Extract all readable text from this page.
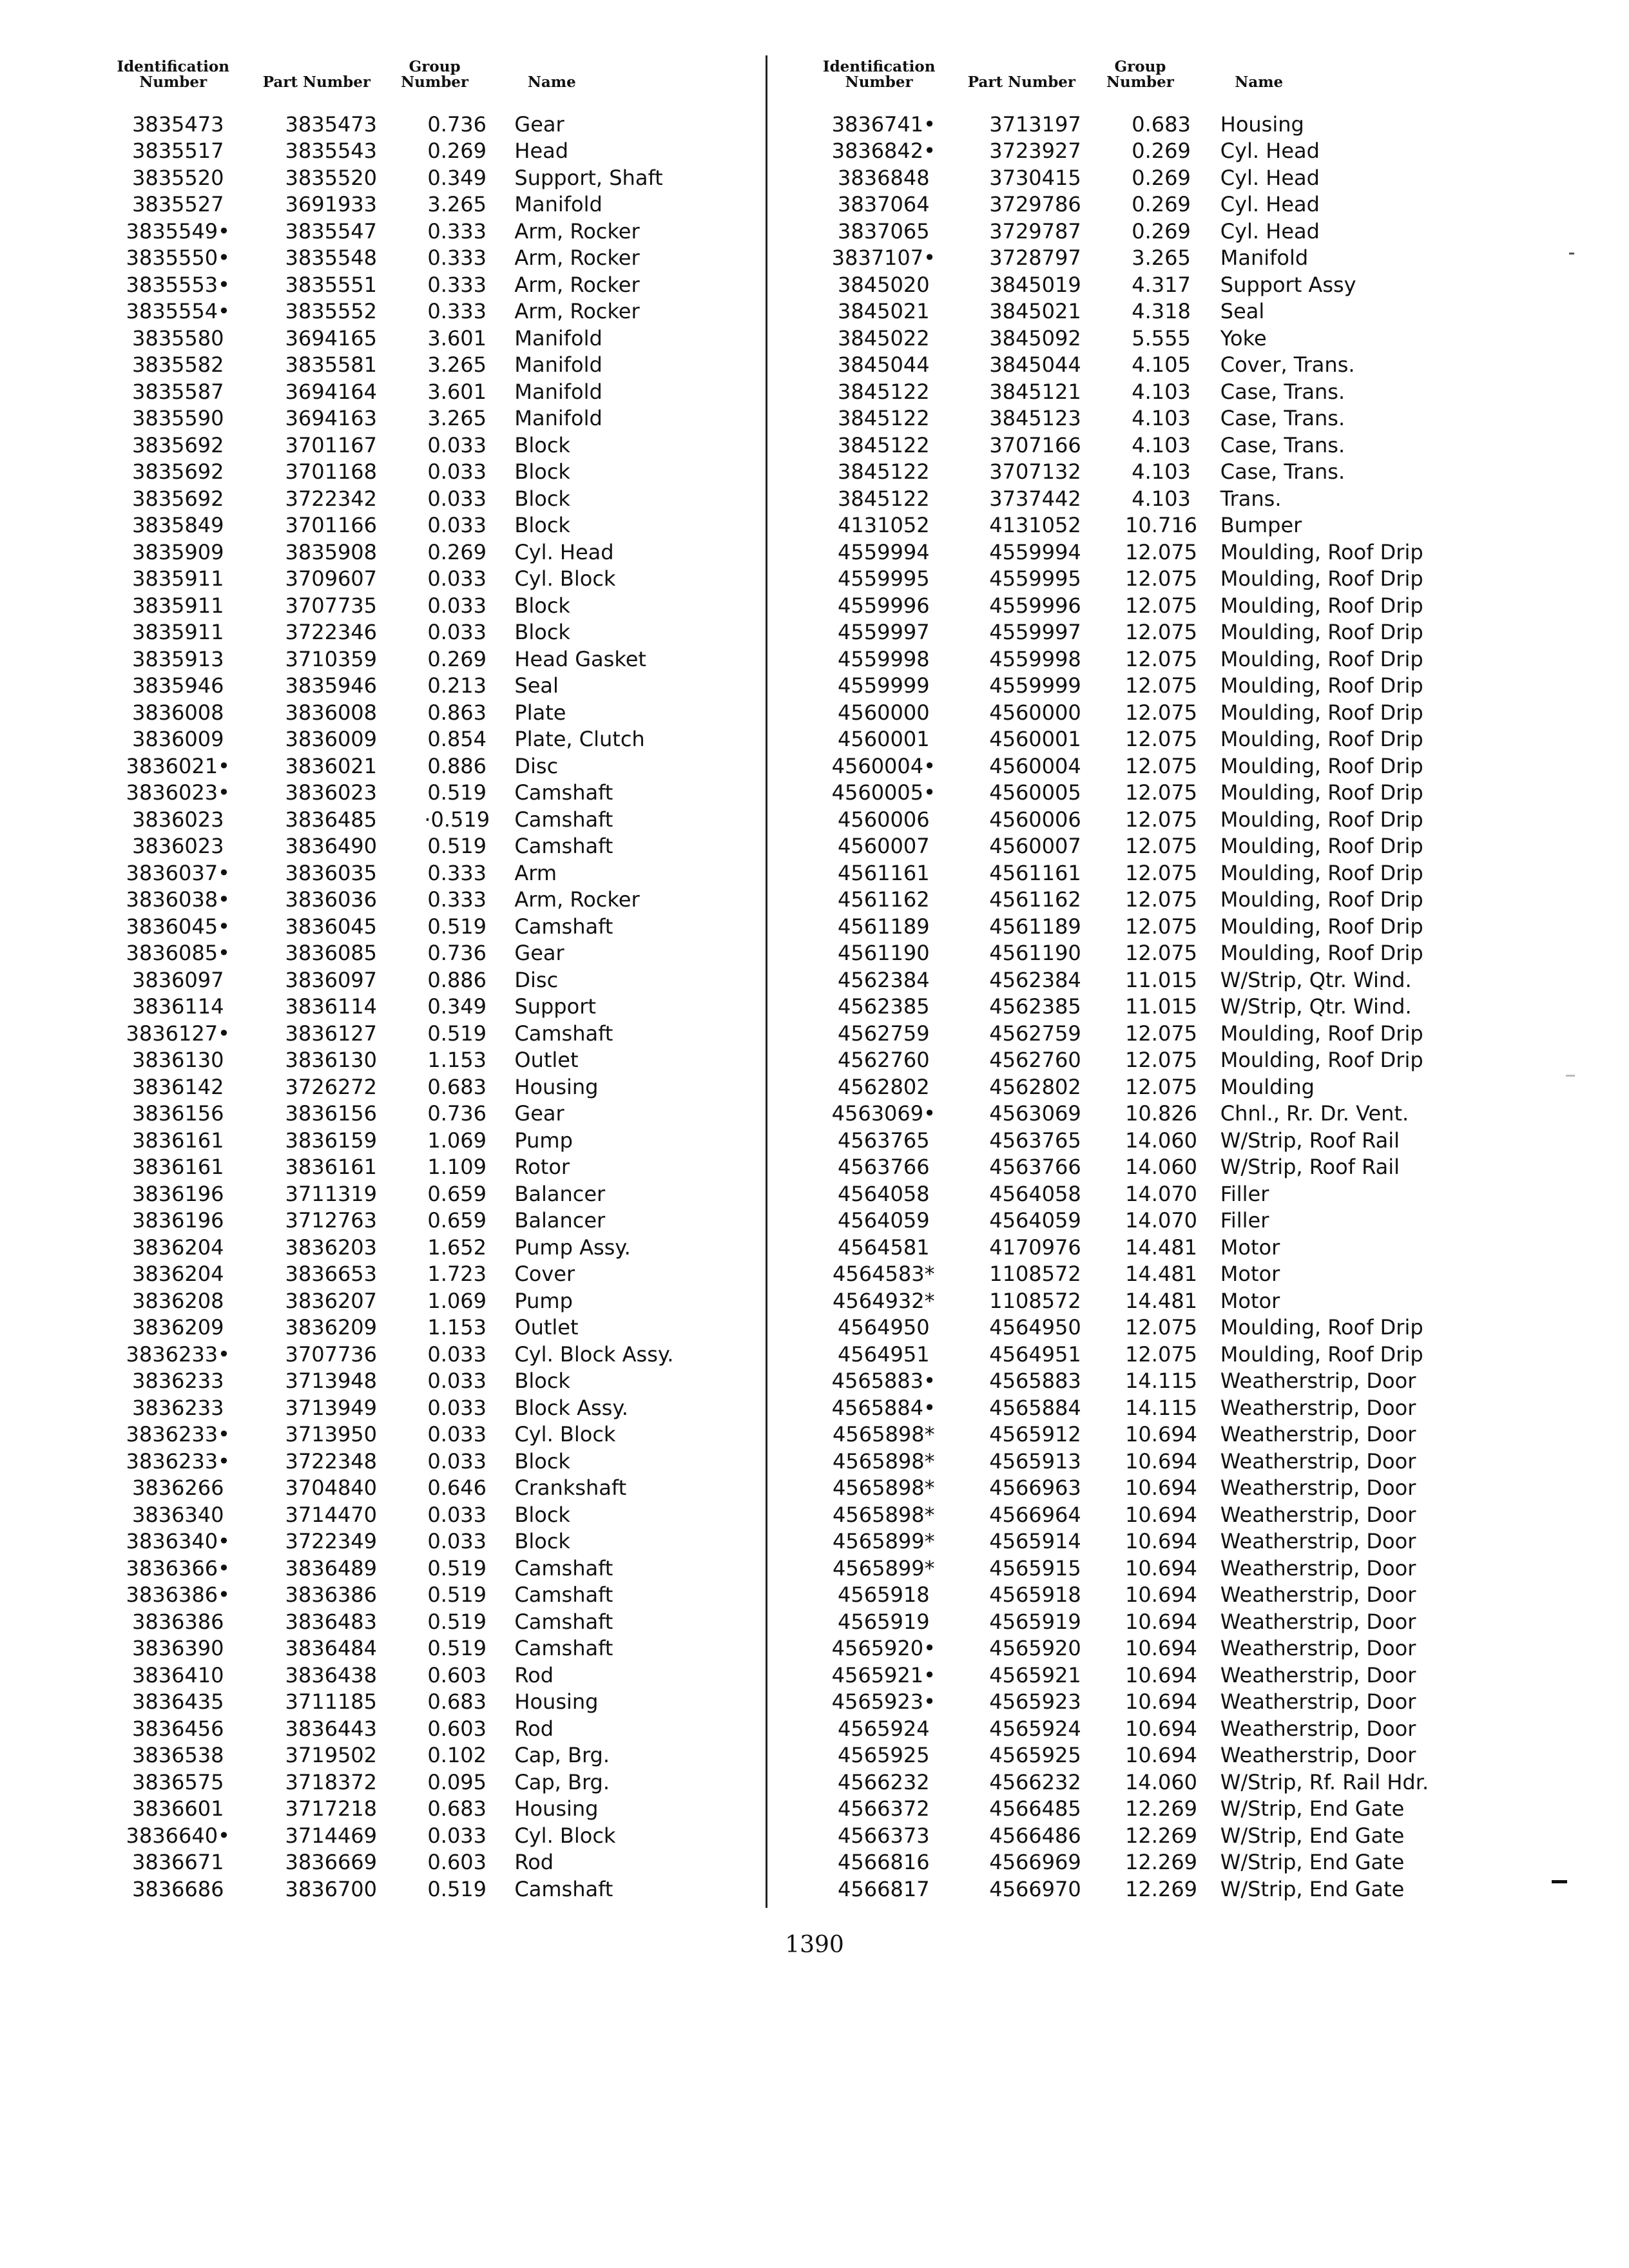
Identification Number	Part Number
Group Number	Name
3835473	3835473	0.736	Gear
3835517	3835543	0.269	Head
3835520	3835520	0.349	Support, Shaft
3835527	3691933	3.265	Manifold
3835549•	3835547	0.333	Arm, Rocker
3835550•	3835548	0.333	Arm, Rocker
3835553•	3835551	0.333	Arm, Rocker
3835554•	3835552	0.333	Arm, Rocker
3835580	3694165	3.601	Manifold
3835582	3835581	3.265	Manifold
3835587	3694164	3.601	Manifold
3835590	3694163	3.265	Manifold
3835692	3701167	0.033	Block
3835692	3701168	0.033	Block
3835692	3722342	0.033	Block
3835849	3701166	0.033	Block
3835909	3835908	0.269	Cyl. Head
3835911	3709607	0.033	Cyl. Block
3835911	3707735	0.033	Block
3835911	3722346	0.033	Block
3835913	3710359	0.269	Head Gasket
3835946	3835946	0.213	Seal
3836008	3836008	0.863	Plate
3836009	3836009	0.854	Plate, Clutch
3836021•	3836021	0.886	Disc
3836023•	3836023	0.519	Camshaft
3836023	3836485	·0.519	Camshaft
3836023	3836490	0.519	Camshaft
3836037•	3836035	0.333	Arm
3836038•	3836036	0.333	Arm, Rocker
3836045•	3836045	0.519	Camshaft
3836085•	3836085	0.736	Gear
3836097	3836097	0.886	Disc
3836114	3836114	0.349	Support
3836127•	3836127	0.519	Camshaft
3836130	3836130	1.153	Outlet
3836142	3726272	0.683	Housing
3836156	3836156	0.736	Gear
3836161	3836159	1.069	Pump
3836161	3836161	1.109	Rotor
3836196	3711319	0.659	Balancer
3836196	3712763	0.659	Balancer
3836204	3836203	1.652	Pump Assy.
3836204	3836653	1.723	Cover
3836208	3836207	1.069	Pump
3836209	3836209	1.153	Outlet
3836233•	3707736	0.033	Cyl. Block Assy.
3836233	3713948	0.033	Block
3836233	3713949	0.033	Block Assy.
3836233•	3713950	0.033	Cyl. Block
3836233•	3722348	0.033	Block
3836266	3704840	0.646	Crankshaft
3836340	3714470	0.033	Block
3836340•	3722349	0.033	Block
3836366•	3836489	0.519	Camshaft
3836386•	3836386	0.519	Camshaft
3836386	3836483	0.519	Camshaft
3836390	3836484	0.519	Camshaft
3836410	3836438	0.603	Rod
3836435	3711185	0.683	Housing
3836456	3836443	0.603	Rod
3836538	3719502	0.102	Cap, Brg.
3836575	3718372	0.095	Cap, Brg.
3836601	3717218	0.683	Housing
3836640•	3714469	0.033	Cyl. Block
3836671	3836669	0.603	Rod
3836686	3836700	0.519	Camshaft
Identification Number	Part Number
Group Number	Name
3836741•	3713197	0.683	Housing
3836842•	3723927	0.269	Cyl. Head
3836848	3730415	0.269	Cyl. Head
3837064	3729786	0.269	Cyl. Head
3837065	3729787	0.269	Cyl. Head
3837107•	3728797	3.265	Manifold
3845020	3845019	4.317	Support Assy
3845021	3845021	4.318	Seal
3845022	3845092	5.555	Yoke
3845044	3845044	4.105	Cover, Trans.
3845122	3845121	4.103	Case, Trans.
3845122	3845123	4.103	Case, Trans.
3845122	3707166	4.103	Case, Trans.
3845122	3707132	4.103	Case, Trans.
3845122	3737442	4.103	Trans.
4131052	4131052	10.716	Bumper
4559994	4559994	12.075	Moulding, Roof Drip
4559995	4559995	12.075	Moulding, Roof Drip
4559996	4559996	12.075	Moulding, Roof Drip
4559997	4559997	12.075	Moulding, Roof Drip
4559998	4559998	12.075	Moulding, Roof Drip
4559999	4559999	12.075	Moulding, Roof Drip
4560000	4560000	12.075	Moulding, Roof Drip
4560001	4560001	12.075	Moulding, Roof Drip
4560004•	4560004	12.075	Moulding, Roof Drip
4560005•	4560005	12.075	Moulding, Roof Drip
4560006	4560006	12.075	Moulding, Roof Drip
4560007	4560007	12.075	Moulding, Roof Drip
4561161	4561161	12.075	Moulding, Roof Drip
4561162	4561162	12.075	Moulding, Roof Drip
4561189	4561189	12.075	Moulding, Roof Drip
4561190	4561190	12.075	Moulding, Roof Drip
4562384	4562384	11.015	W/Strip, Qtr. Wind.
4562385	4562385	11.015	W/Strip, Qtr. Wind.
4562759	4562759	12.075	Moulding, Roof Drip
4562760	4562760	12.075	Moulding, Roof Drip
4562802	4562802	12.075	Moulding
4563069•	4563069	10.826	Chnl., Rr. Dr. Vent.
4563765	4563765	14.060	W/Strip, Roof Rail
4563766	4563766	14.060	W/Strip, Roof Rail
4564058	4564058	14.070	Filler
4564059	4564059	14.070	Filler
4564581	4170976	14.481	Motor
4564583*	1108572	14.481	Motor
4564932*	1108572	14.481	Motor
4564950	4564950	12.075	Moulding, Roof Drip
4564951	4564951	12.075	Moulding, Roof Drip
4565883•	4565883	14.115	Weatherstrip, Door
4565884•	4565884	14.115	Weatherstrip, Door
4565898*	4565912	10.694	Weatherstrip, Door
4565898*	4565913	10.694	Weatherstrip, Door
4565898*	4566963	10.694	Weatherstrip, Door
4565898*	4566964	10.694	Weatherstrip, Door
4565899*	4565914	10.694	Weatherstrip, Door
4565899*	4565915	10.694	Weatherstrip, Door
4565918	4565918	10.694	Weatherstrip, Door
4565919	4565919	10.694	Weatherstrip, Door
4565920•	4565920	10.694	Weatherstrip, Door
4565921•	4565921	10.694	Weatherstrip, Door
4565923•	4565923	10.694	Weatherstrip, Door
4565924	4565924	10.694	Weatherstrip, Door
4565925	4565925	10.694	Weatherstrip, Door
4566232	4566232	14.060	W/Strip, Rf. Rail Hdr.
4566372	4566485	12.269	W/Strip, End Gate
4566373	4566486	12.269	W/Strip, End Gate
4566816	4566969	12.269	W/Strip, End Gate
4566817	4566970	12.269	W/Strip, End Gate
1390
